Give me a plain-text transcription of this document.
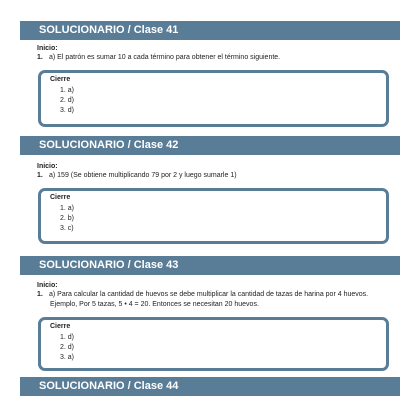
SOLUCIONARIO / Clase 41
Inicio:
1. a) El patrón es sumar 10 a cada término para obtener el término siguiente.
Cierre
1. a)
2. d)
3. d)
SOLUCIONARIO / Clase 42
Inicio:
1. a) 159 (Se obtiene multiplicando 79 por 2 y luego sumarle 1)
Cierre
1. a)
2. b)
3. c)
SOLUCIONARIO / Clase 43
Inicio:
1. a) Para calcular la cantidad de huevos se debe multiplicar la cantidad de tazas de harina por 4 huevos.
Ejemplo, Por 5 tazas, 5 • 4 = 20. Entonces se necesitan 20 huevos.
Cierre
1. d)
2. d)
3. a)
SOLUCIONARIO / Clase 44
